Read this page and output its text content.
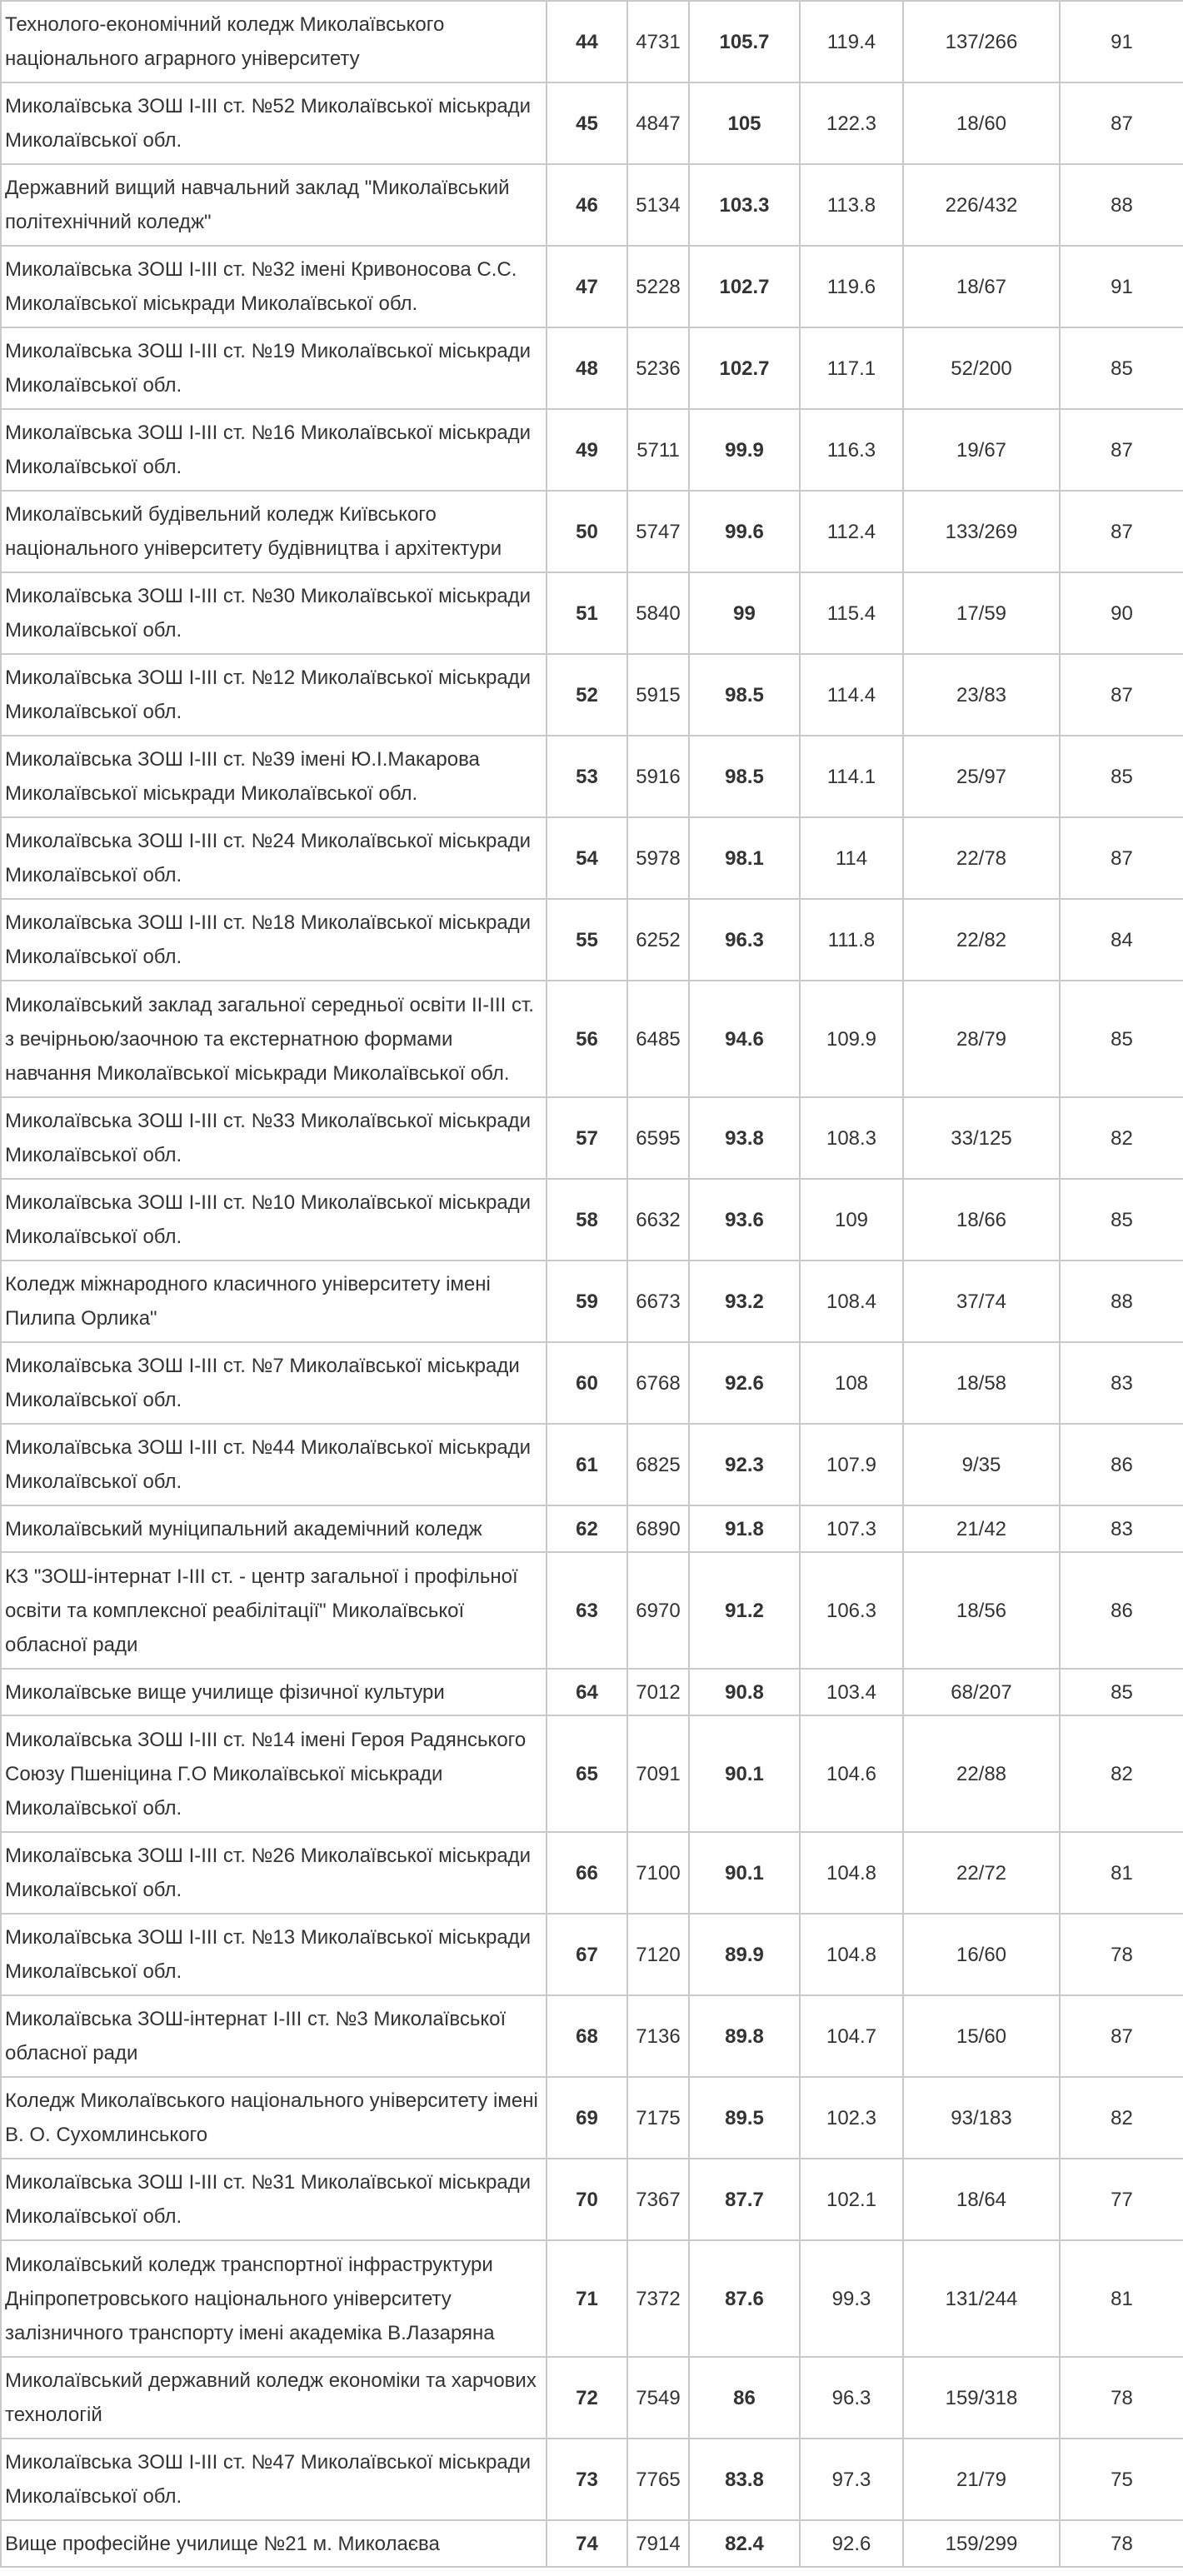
Технолого-економічний коледж Миколаївського національного аграрного університету	44	4731	105.7	119.4	137/266	91
Миколаївська ЗОШ I-III ст. №52 Миколаївської міськради Миколаївської обл.	45	4847	105	122.3	18/60	87
Державний вищий навчальний заклад "Миколаївський політехнічний коледж"	46	5134	103.3	113.8	226/432	88
Миколаївська ЗОШ I-III ст. №32 імені Кривоносова С.С. Миколаївської міськради Миколаївської обл.	47	5228	102.7	119.6	18/67	91
Миколаївська ЗОШ I-III ст. №19 Миколаївської міськради Миколаївської обл.	48	5236	102.7	117.1	52/200	85
Миколаївська ЗОШ I-III ст. №16 Миколаївської міськради Миколаївської обл.	49	5711	99.9	116.3	19/67	87
Миколаївський будівельний коледж Київського національного університету будівництва і архітектури	50	5747	99.6	112.4	133/269	87
Миколаївська ЗОШ I-III ст. №30 Миколаївської міськради Миколаївської обл.	51	5840	99	115.4	17/59	90
Миколаївська ЗОШ I-III ст. №12 Миколаївської міськради Миколаївської обл.	52	5915	98.5	114.4	23/83	87
Миколаївська ЗОШ I-III ст. №39 імені Ю.І.Макарова Миколаївської міськради Миколаївської обл.	53	5916	98.5	114.1	25/97	85
Миколаївська ЗОШ I-III ст. №24 Миколаївської міськради Миколаївської обл.	54	5978	98.1	114	22/78	87
Миколаївська ЗОШ I-III ст. №18 Миколаївської міськради Миколаївської обл.	55	6252	96.3	111.8	22/82	84
Миколаївський заклад загальної середньої освіти II-III ст. з вечірньою/заочною та екстернатною формами навчання Миколаївської міськради Миколаївської обл.	56	6485	94.6	109.9	28/79	85
Миколаївська ЗОШ I-III ст. №33 Миколаївської міськради Миколаївської обл.	57	6595	93.8	108.3	33/125	82
Миколаївська ЗОШ I-III ст. №10 Миколаївської міськради Миколаївської обл.	58	6632	93.6	109	18/66	85
Коледж міжнародного класичного університету імені Пилипа Орлика"	59	6673	93.2	108.4	37/74	88
Миколаївська ЗОШ I-III ст. №7 Миколаївської міськради Миколаївської обл.	60	6768	92.6	108	18/58	83
Миколаївська ЗОШ I-III ст. №44 Миколаївської міськради Миколаївської обл.	61	6825	92.3	107.9	9/35	86
Миколаївський муніципальний академічний коледж	62	6890	91.8	107.3	21/42	83
КЗ "ЗОШ-інтернат I-III ст. - центр загальної і профільної освіти та комплексної реабілітації" Миколаївської обласної ради	63	6970	91.2	106.3	18/56	86
Миколаївське вище училище фізичної культури	64	7012	90.8	103.4	68/207	85
Миколаївська ЗОШ I-III ст. №14 імені Героя Радянського Союзу Пшеніцина Г.О Миколаївської міськради Миколаївської обл.	65	7091	90.1	104.6	22/88	82
Миколаївська ЗОШ I-III ст. №26 Миколаївської міськради Миколаївської обл.	66	7100	90.1	104.8	22/72	81
Миколаївська ЗОШ I-III ст. №13 Миколаївської міськради Миколаївської обл.	67	7120	89.9	104.8	16/60	78
Миколаївська ЗОШ-інтернат I-III ст. №3 Миколаївської обласної ради	68	7136	89.8	104.7	15/60	87
Коледж Миколаївського національного університету імені В. О. Сухомлинського	69	7175	89.5	102.3	93/183	82
Миколаївська ЗОШ I-III ст. №31 Миколаївської міськради Миколаївської обл.	70	7367	87.7	102.1	18/64	77
Миколаївський коледж транспортної інфраструктури Дніпропетровського національного університету залізничного транспорту імені академіка В.Лазаряна	71	7372	87.6	99.3	131/244	81
Миколаївський державний коледж економіки та харчових технологій	72	7549	86	96.3	159/318	78
Миколаївська ЗОШ I-III ст. №47 Миколаївської міськради Миколаївської обл.	73	7765	83.8	97.3	21/79	75
Вище професійне училище №21 м. Миколаєва	74	7914	82.4	92.6	159/299	78
